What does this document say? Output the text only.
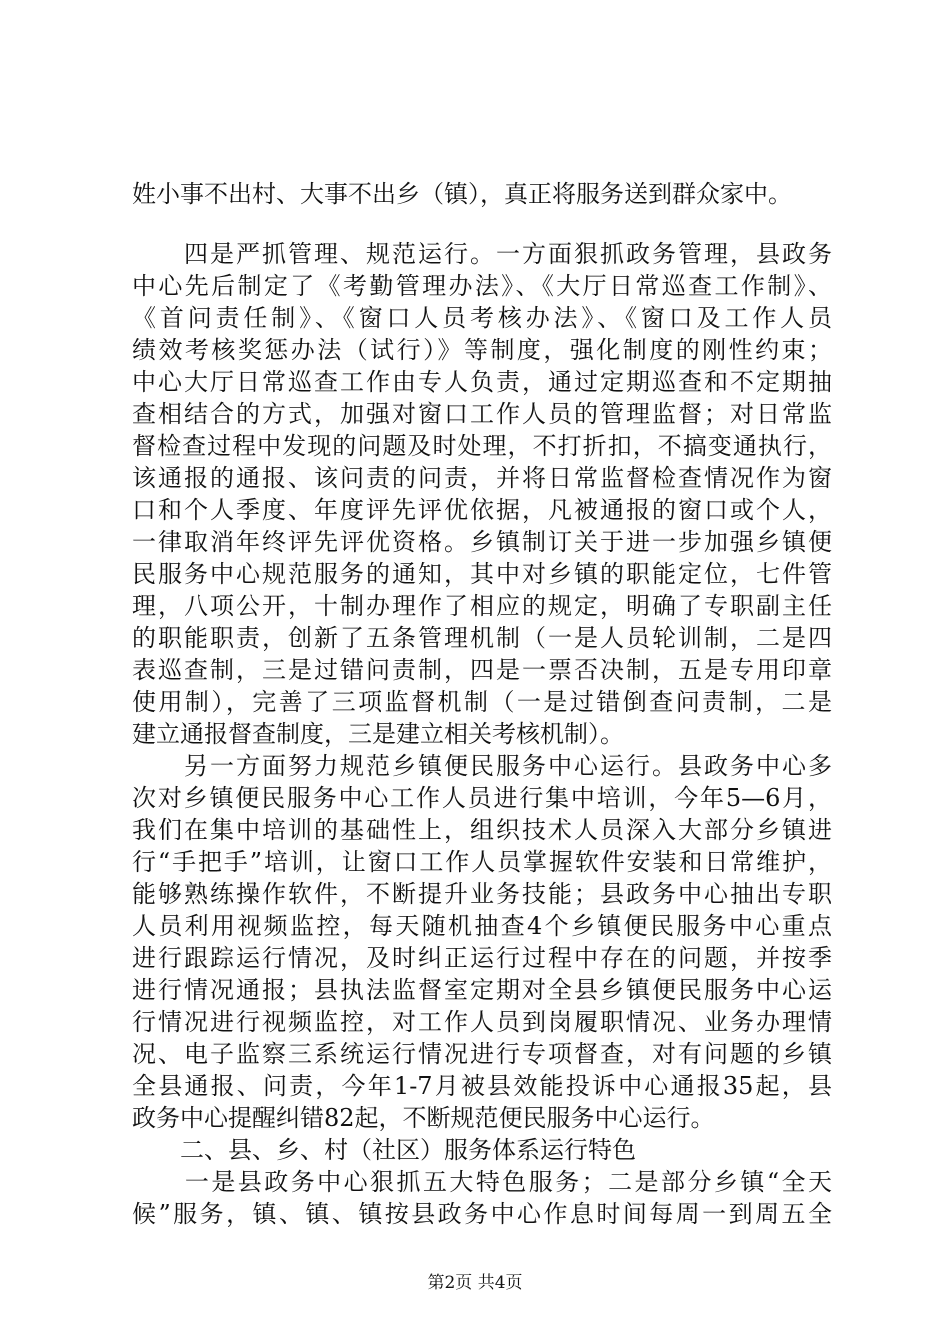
姓小事不出村、大事不出乡（镇），真正将服务送到群众家中。
　　四是严抓管理、规范运行。一方面狠抓政务管理，县政务
中心先后制定了《考勤管理办法》、《大厅日常巡查工作制》、
《首问责任制》、《窗口人员考核办法》、《窗口及工作人员
绩效考核奖惩办法（试行）》等制度，强化制度的刚性约束；
中心大厅日常巡查工作由专人负责，通过定期巡查和不定期抽
查相结合的方式，加强对窗口工作人员的管理监督；对日常监
督检查过程中发现的问题及时处理，不打折扣，不搞变通执行，
该通报的通报、该问责的问责，并将日常监督检查情况作为窗
口和个人季度、年度评先评优依据，凡被通报的窗口或个人，
一律取消年终评先评优资格。乡镇制订关于进一步加强乡镇便
民服务中心规范服务的通知，其中对乡镇的职能定位，七件管
理，八项公开，十制办理作了相应的规定，明确了专职副主任
的职能职责，创新了五条管理机制（一是人员轮训制，二是四
表巡查制，三是过错问责制，四是一票否决制，五是专用印章
使用制），完善了三项监督机制（一是过错倒查问责制，二是
建立通报督查制度，三是建立相关考核机制）。
　　另一方面努力规范乡镇便民服务中心运行。县政务中心多
次对乡镇便民服务中心工作人员进行集中培训，今年5—6月，
我们在集中培训的基础性上，组织技术人员深入大部分乡镇进
行“手把手”培训，让窗口工作人员掌握软件安装和日常维护，
能够熟练操作软件，不断提升业务技能；县政务中心抽出专职
人员利用视频监控，每天随机抽查4个乡镇便民服务中心重点
进行跟踪运行情况，及时纠正运行过程中存在的问题，并按季
进行情况通报；县执法监督室定期对全县乡镇便民服务中心运
行情况进行视频监控，对工作人员到岗履职情况、业务办理情
况、电子监察三系统运行情况进行专项督查，对有问题的乡镇
全县通报、问责，今年1-7月被县效能投诉中心通报35起，县
政务中心提醒纠错82起，不断规范便民服务中心运行。
　　二、县、乡、村（社区）服务体系运行特色
　　一是县政务中心狠抓五大特色服务；二是部分乡镇“全天
候”服务，镇、镇、镇按县政务中心作息时间每周一到周五全
第2页 共4页
